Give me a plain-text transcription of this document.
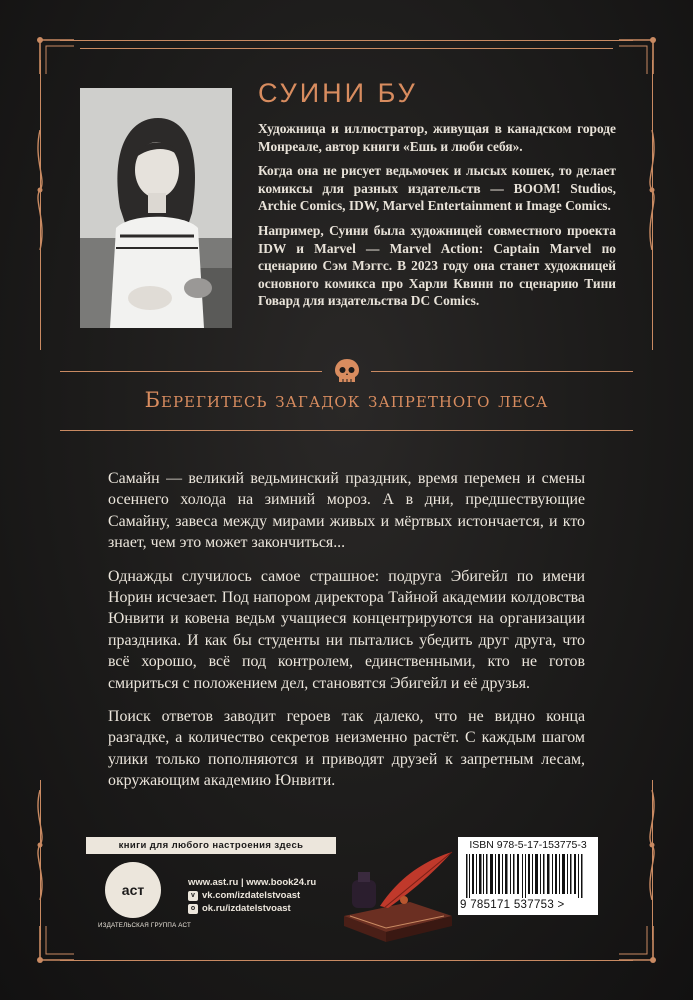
СУИНИ БУ

Художница и иллюстратор, живущая в канадском городе Монреале, автор книги «Ешь и люби себя».

Когда она не рисует ведьмочек и лысых кошек, то делает комиксы для разных издательств — BOOM! Studios, Archie Comics, IDW, Marvel Entertainment и Image Comics.

Например, Суини была художницей совместного проекта IDW и Marvel — Marvel Action: Captain Marvel по сценарию Сэм Мэггс. В 2023 году она станет художницей основного комикса про Харли Квинн по сценарию Тини Говард для издательства DC Comics.

Берегитесь загадок запретного леса

Самайн — великий ведьминский праздник, время перемен и смены осеннего холода на зимний мороз. А в дни, предшествующие Самайну, завеса между мирами живых и мёртвых истончается, и кто знает, чем это может закончиться...

Однажды случилось самое страшное: подруга Эбигейл по имени Норин исчезает. Под напором директора Тайной академии колдовства Юнвити и ковена ведьм учащиеся концентрируются на организации праздника. И как бы студенты ни пытались убедить друг друга, что всё хорошо, всё под контролем, единственными, кто не готов смириться с положением дел, становятся Эбигейл и её друзья.

Поиск ответов заводит героев так далеко, что не видно конца разгадке, а количество секретов неизменно растёт. С каждым шагом улики только пополняются и приводят друзей к запретным лесам, окружающим академию Юнвити.

книги для любого настроения здесь
аст
ИЗДАТЕЛЬСКАЯ ГРУППА АСТ
www.ast.ru | www.book24.ru
v vk.com/izdatelstvoast
o ok.ru/izdatelstvoast
ISBN 978-5-17-153775-3
9 785171 537753 >
